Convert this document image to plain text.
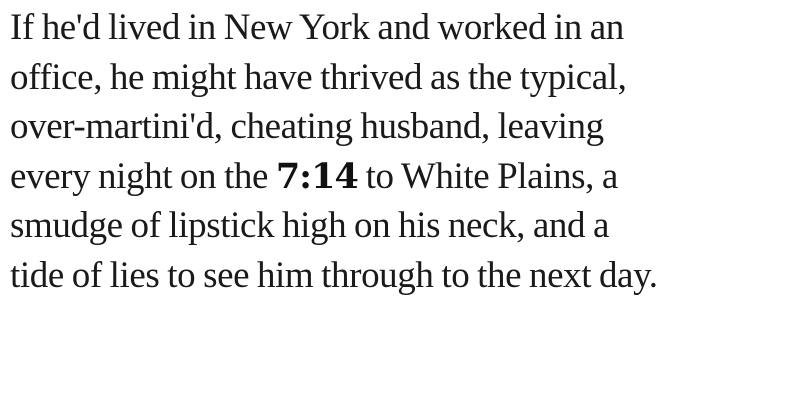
If he'd lived in New York and worked in an
office, he might have thrived as the typical,
over-martini'd, cheating husband, leaving
every night on the 7:14 to White Plains, a
smudge of lipstick high on his neck, and a
tide of lies to see him through to the next day.
